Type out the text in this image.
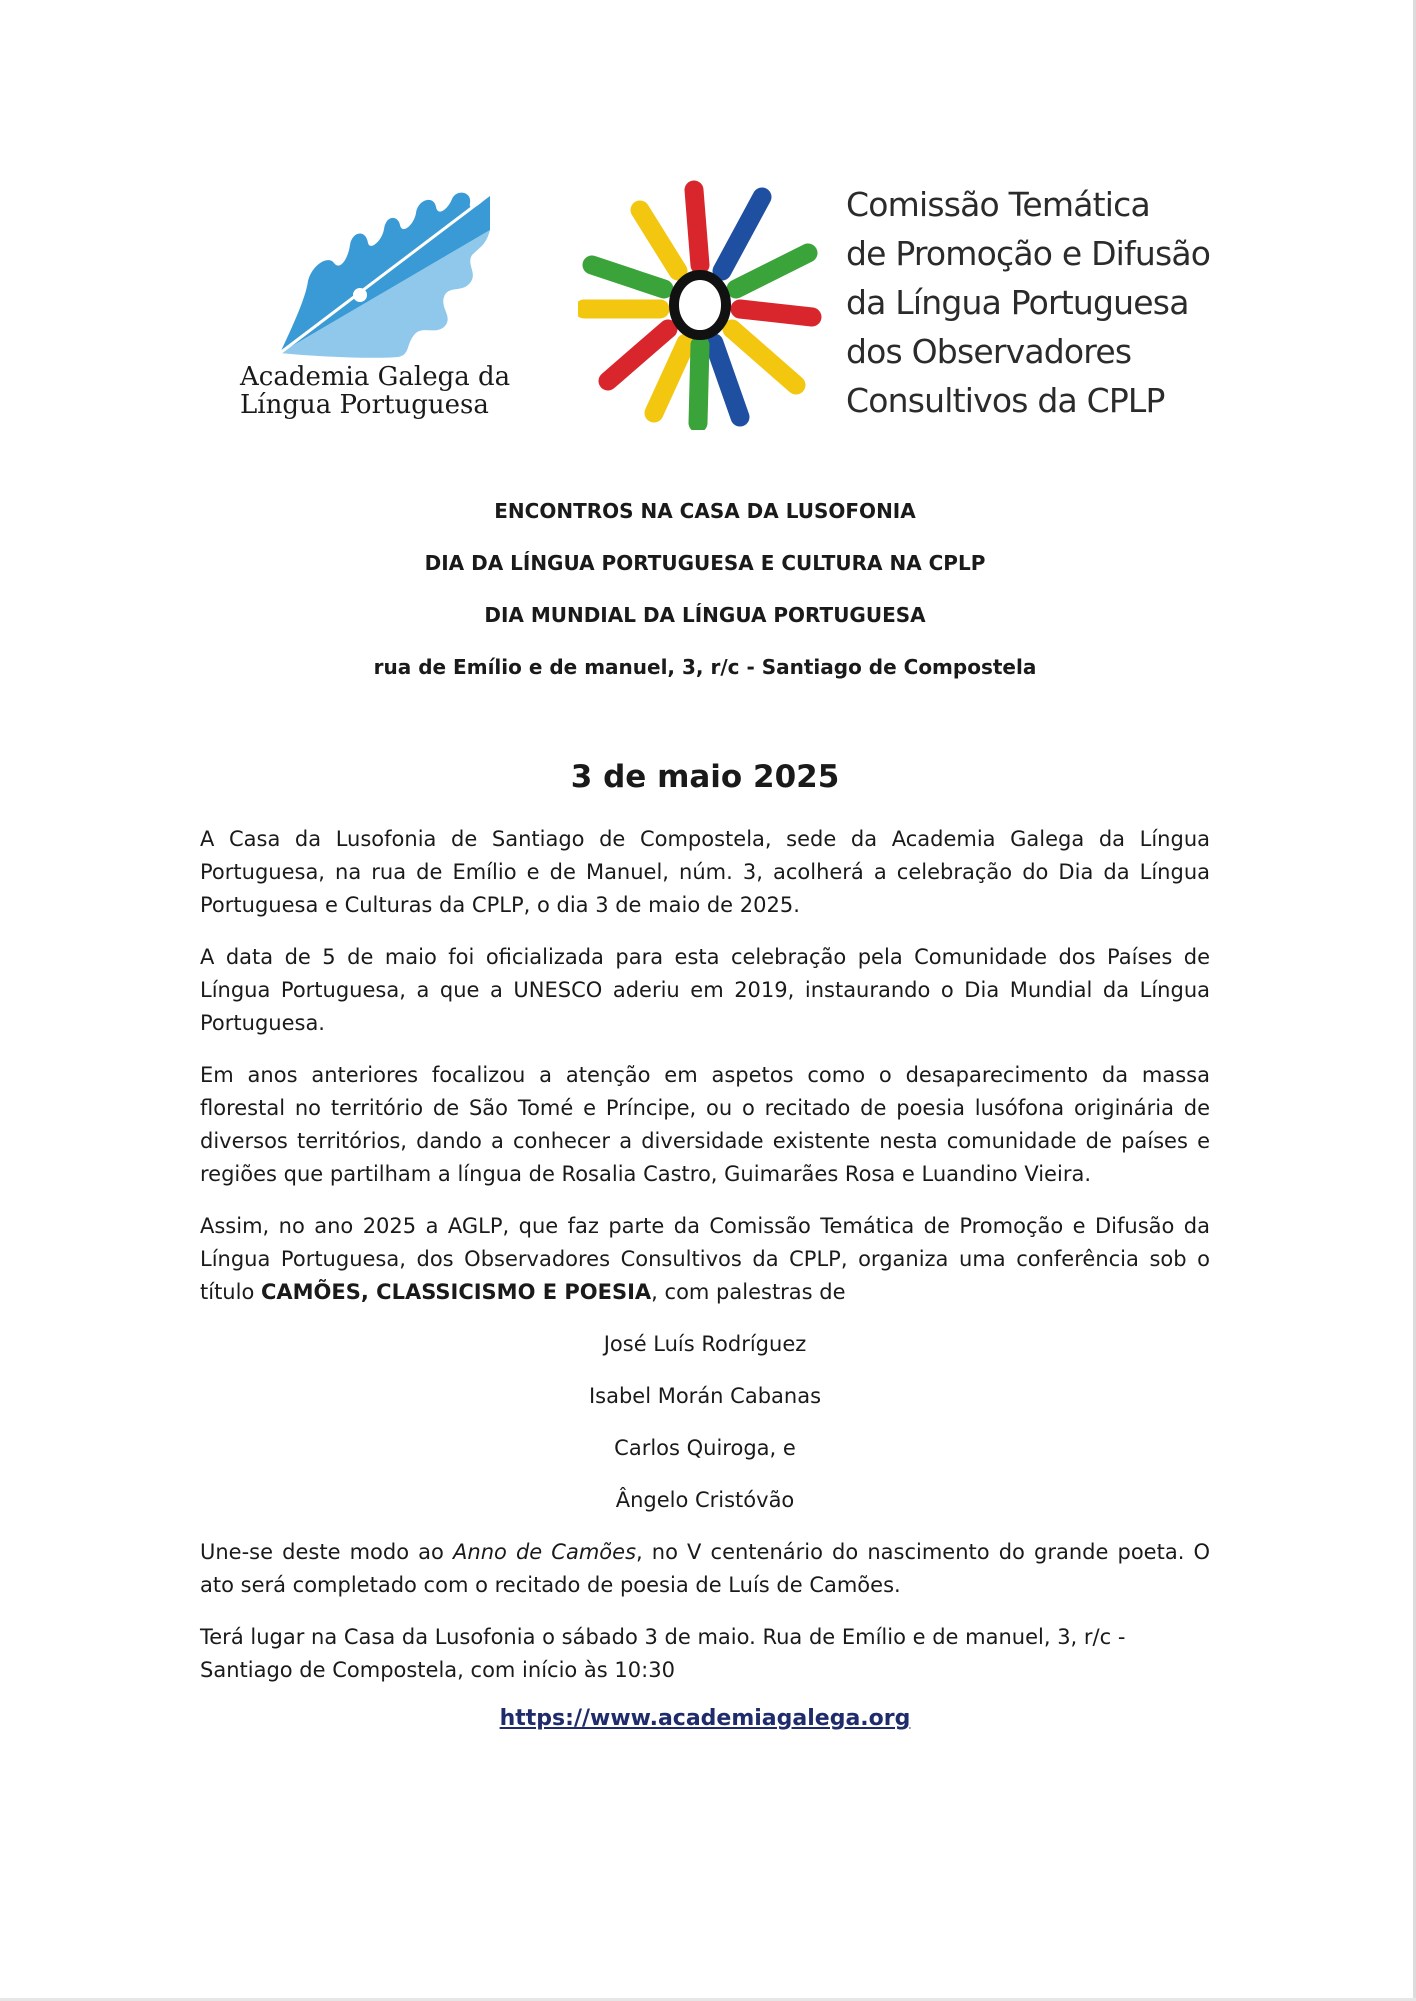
Academia Galega da
Língua Portuguesa
Comissão Temática
de Promoção e Difusão
da Língua Portuguesa
dos Observadores
Consultivos da CPLP
ENCONTROS NA CASA DA LUSOFONIA
DIA DA LÍNGUA PORTUGUESA E CULTURA NA CPLP
DIA MUNDIAL DA LÍNGUA PORTUGUESA
rua de Emílio e de manuel, 3, r/c - Santiago de Compostela
3 de maio 2025

A Casa da Lusofonia de Santiago de Compostela, sede da Academia Galega da Língua Portuguesa, na rua de Emílio e de Manuel, núm. 3, acolherá a celebração do Dia da Língua Portuguesa e Culturas da CPLP, o dia 3 de maio de 2025.

A data de 5 de maio foi oficializada para esta celebração pela Comunidade dos Países de Língua Portuguesa, a que a UNESCO aderiu em 2019, instaurando o Dia Mundial da Língua Portuguesa.

Em anos anteriores focalizou a atenção em aspetos como o desaparecimento da massa florestal no território de São Tomé e Príncipe, ou o recitado de poesia lusófona originária de diversos territórios, dando a conhecer a diversidade existente nesta comunidade de países e regiões que partilham a língua de Rosalia Castro, Guimarães Rosa e Luandino Vieira.

Assim, no ano 2025 a AGLP, que faz parte da Comissão Temática de Promoção e Difusão da Língua Portuguesa, dos Observadores Consultivos da CPLP, organiza uma conferência sob o título CAMÕES, CLASSICISMO E POESIA, com palestras de

José Luís Rodríguez
Isabel Morán Cabanas
Carlos Quiroga, e
Ângelo Cristóvão

Une-se deste modo ao Anno de Camões, no V centenário do nascimento do grande poeta. O ato será completado com o recitado de poesia de Luís de Camões.

Terá lugar na Casa da Lusofonia o sábado 3 de maio. Rua de Emílio e de manuel, 3, r/c - Santiago de Compostela, com início às 10:30

https://www.academiagalega.org
